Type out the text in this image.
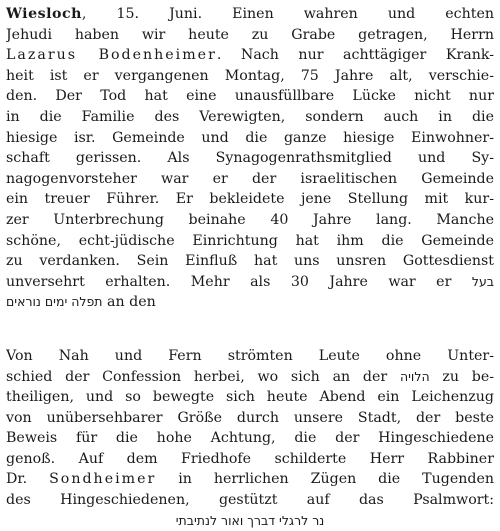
Wiesloch, 15. Juni. Einen wahren und echten
Jehudi haben wir heute zu Grabe getragen, Herrn
Lazarus Bodenheimer. Nach nur achttägiger Krank-
heit ist er vergangenen Montag, 75 Jahre alt, verschie-
den. Der Tod hat eine unausfüllbare Lücke nicht nur
in die Familie des Verewigten, sondern auch in die
hiesige isr. Gemeinde und die ganze hiesige Einwohner-
schaft gerissen. Als Synagogenrathsmitglied und Sy-
nagogenvorsteher war er der israelitischen Gemeinde
ein treuer Führer. Er bekleidete jene Stellung mit kur-
zer Unterbrechung beinahe 40 Jahre lang. Manche
schöne, echt-jüdische Einrichtung hat ihm die Gemeinde
zu verdanken. Sein Einfluß hat uns unsren Gottesdienst
unversehrt erhalten. Mehr als 30 Jahre war er בעל
תפלה ימים נוראים an den
Von Nah und Fern strömten Leute ohne Unter-
schied der Confession herbei, wo sich an der הלויה zu be-
theiligen, und so bewegte sich heute Abend ein Leichenzug
von unübersehbarer Größe durch unsere Stadt, der beste
Beweis für die hohe Achtung, die der Hingeschiedene
genoß. Auf dem Friedhofe schilderte Herr Rabbiner
Dr. Sondheimer in herrlichen Zügen die Tugenden
des Hingeschiedenen, gestützt auf das Psalmwort:
נר לרגלי דברך ואור לנתיבתי
